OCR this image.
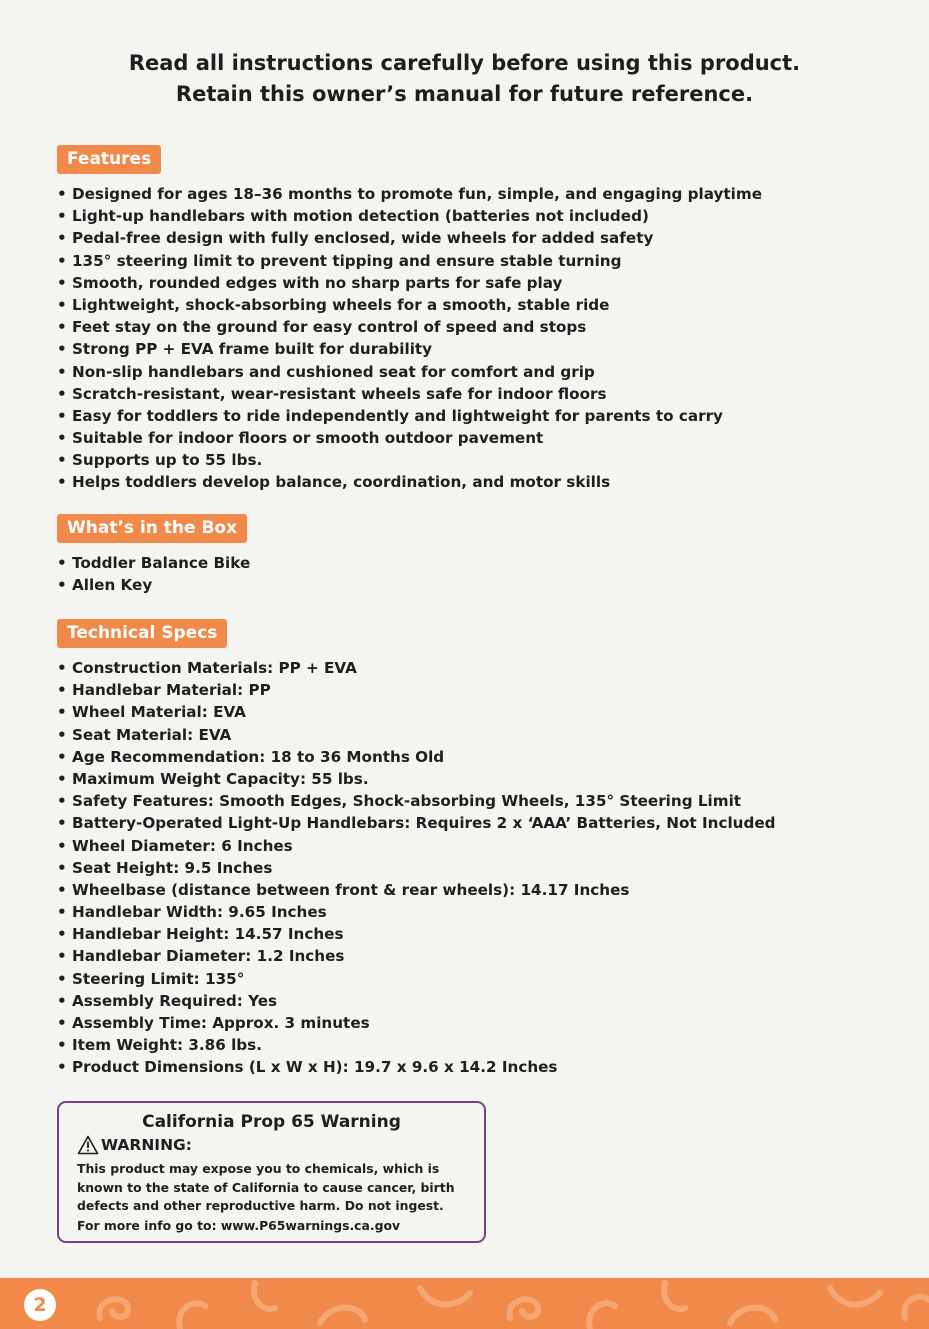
Read all instructions carefully before using this product.
Retain this owner’s manual for future reference.
Features
• Designed for ages 18–36 months to promote fun, simple, and engaging playtime
• Light-up handlebars with motion detection (batteries not included)
• Pedal-free design with fully enclosed, wide wheels for added safety
• 135° steering limit to prevent tipping and ensure stable turning
• Smooth, rounded edges with no sharp parts for safe play
• Lightweight, shock-absorbing wheels for a smooth, stable ride
• Feet stay on the ground for easy control of speed and stops
• Strong PP + EVA frame built for durability
• Non-slip handlebars and cushioned seat for comfort and grip
• Scratch-resistant, wear-resistant wheels safe for indoor floors
• Easy for toddlers to ride independently and lightweight for parents to carry
• Suitable for indoor floors or smooth outdoor pavement
• Supports up to 55 lbs.
• Helps toddlers develop balance, coordination, and motor skills
What’s in the Box
• Toddler Balance Bike
• Allen Key
Technical Specs
• Construction Materials: PP + EVA
• Handlebar Material: PP
• Wheel Material: EVA
• Seat Material: EVA
• Age Recommendation: 18 to 36 Months Old
• Maximum Weight Capacity: 55 lbs.
• Safety Features: Smooth Edges, Shock-absorbing Wheels, 135° Steering Limit
• Battery-Operated Light-Up Handlebars: Requires 2 x ‘AAA’ Batteries, Not Included
• Wheel Diameter: 6 Inches
• Seat Height: 9.5 Inches
• Wheelbase (distance between front & rear wheels): 14.17 Inches
• Handlebar Width: 9.65 Inches
• Handlebar Height: 14.57 Inches
• Handlebar Diameter: 1.2 Inches
• Steering Limit: 135°
• Assembly Required: Yes
• Assembly Time: Approx. 3 minutes
• Item Weight: 3.86 lbs.
• Product Dimensions (L x W x H): 19.7 x 9.6 x 14.2 Inches
California Prop 65 Warning
WARNING:
This product may expose you to chemicals, which is
known to the state of California to cause cancer, birth
defects and other reproductive harm. Do not ingest.
For more info go to: www.P65warnings.ca.gov
2
